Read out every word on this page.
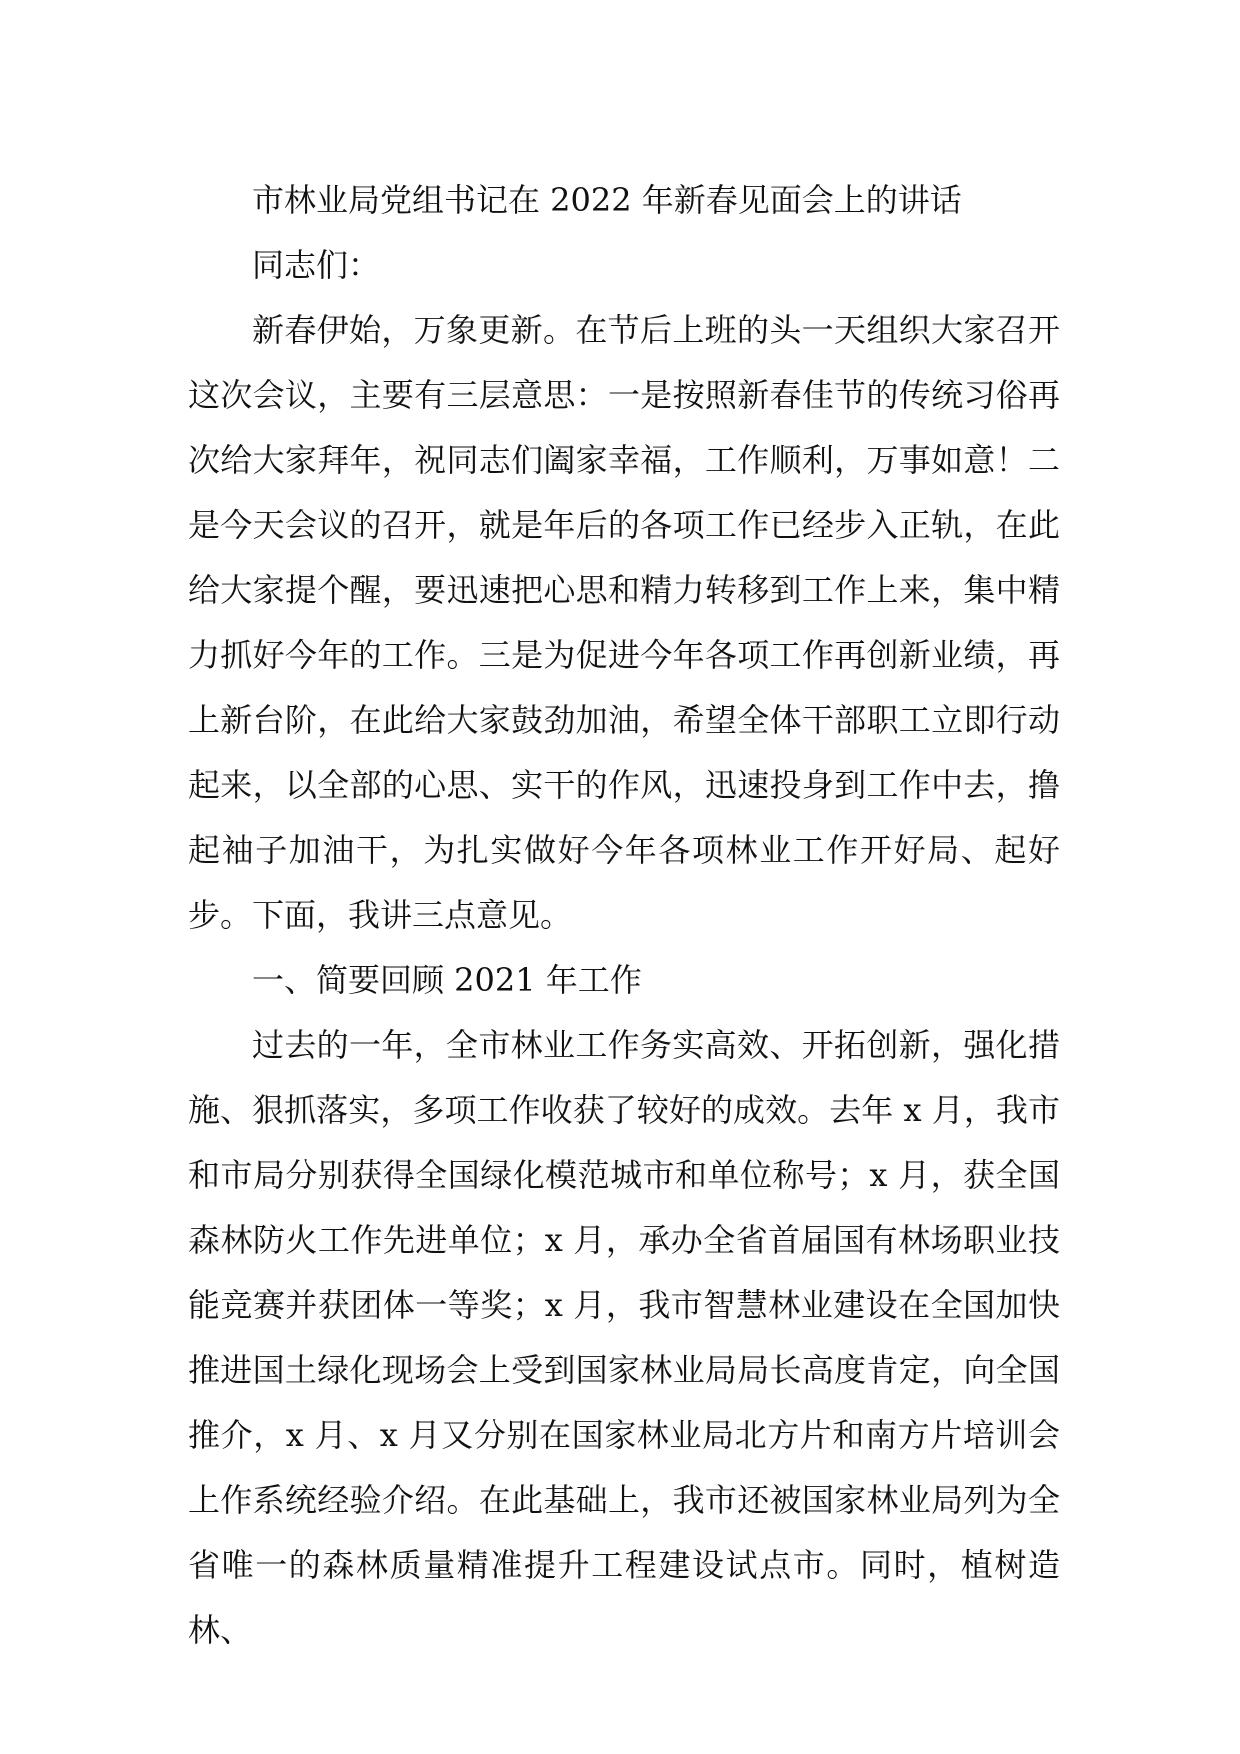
市林业局党组书记在 2022 年新春见面会上的讲话

同志们：

新春伊始，万象更新。在节后上班的头一天组织大家召开这次会议，主要有三层意思：一是按照新春佳节的传统习俗再次给大家拜年，祝同志们阖家幸福，工作顺利，万事如意！二是今天会议的召开，就是年后的各项工作已经步入正轨，在此给大家提个醒，要迅速把心思和精力转移到工作上来，集中精力抓好今年的工作。三是为促进今年各项工作再创新业绩，再上新台阶，在此给大家鼓劲加油，希望全体干部职工立即行动起来，以全部的心思、实干的作风，迅速投身到工作中去，撸起袖子加油干，为扎实做好今年各项林业工作开好局、起好步。下面，我讲三点意见。

一、简要回顾 2021 年工作

过去的一年，全市林业工作务实高效、开拓创新，强化措施、狠抓落实，多项工作收获了较好的成效。去年 x 月，我市和市局分别获得全国绿化模范城市和单位称号；x 月，获全国森林防火工作先进单位；x 月，承办全省首届国有林场职业技能竞赛并获团体一等奖；x 月，我市智慧林业建设在全国加快推进国土绿化现场会上受到国家林业局局长高度肯定，向全国推介，x 月、x 月又分别在国家林业局北方片和南方片培训会上作系统经验介绍。在此基础上，我市还被国家林业局列为全省唯一的森林质量精准提升工程建设试点市。同时，植树造林、
